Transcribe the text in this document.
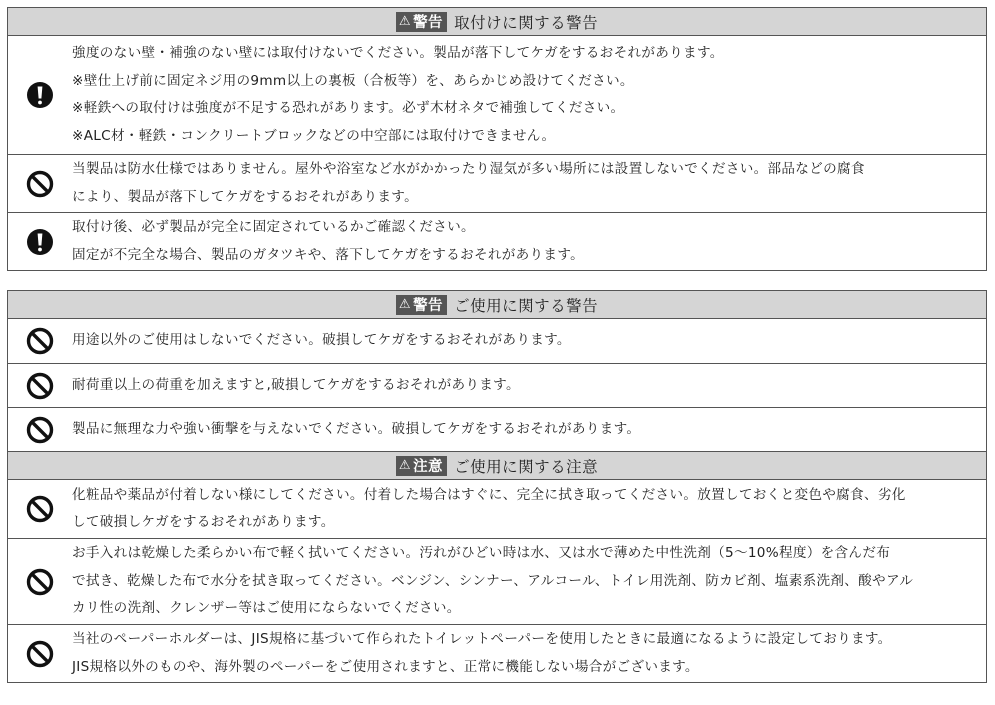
⚠ 警告 取付けに関する警告
強度のない壁・補強のない壁には取付けないでください。製品が落下してケガをするおそれがあります。
※壁仕上げ前に固定ネジ用の9mm以上の裏板（合板等）を、あらかじめ設けてください。
※軽鉄への取付けは強度が不足する恐れがあります。必ず木材ネタで補強してください。
※ALC材・軽鉄・コンクリートブロックなどの中空部には取付けできません。
当製品は防水仕様ではありません。屋外や浴室など水がかかったり湿気が多い場所には設置しないでください。部品などの腐食
により、製品が落下してケガをするおそれがあります。
取付け後、必ず製品が完全に固定されているかご確認ください。
固定が不完全な場合、製品のガタツキや、落下してケガをするおそれがあります。
⚠ 警告 ご使用に関する警告
用途以外のご使用はしないでください。破損してケガをするおそれがあります。
耐荷重以上の荷重を加えますと,破損してケガをするおそれがあります。
製品に無理な力や強い衝撃を与えないでください。破損してケガをするおそれがあります。
⚠ 注意 ご使用に関する注意
化粧品や薬品が付着しない様にしてください。付着した場合はすぐに、完全に拭き取ってください。放置しておくと変色や腐食、劣化
して破損しケガをするおそれがあります。
お手入れは乾燥した柔らかい布で軽く拭いてください。汚れがひどい時は水、又は水で薄めた中性洗剤（5〜10%程度）を含んだ布
で拭き、乾燥した布で水分を拭き取ってください。ベンジン、シンナー、アルコール、トイレ用洗剤、防カビ剤、塩素系洗剤、酸やアル
カリ性の洗剤、クレンザー等はご使用にならないでください。
当社のペーパーホルダーは、JIS規格に基づいて作られたトイレットペーパーを使用したときに最適になるように設定しております。
JIS規格以外のものや、海外製のペーパーをご使用されますと、正常に機能しない場合がございます。
